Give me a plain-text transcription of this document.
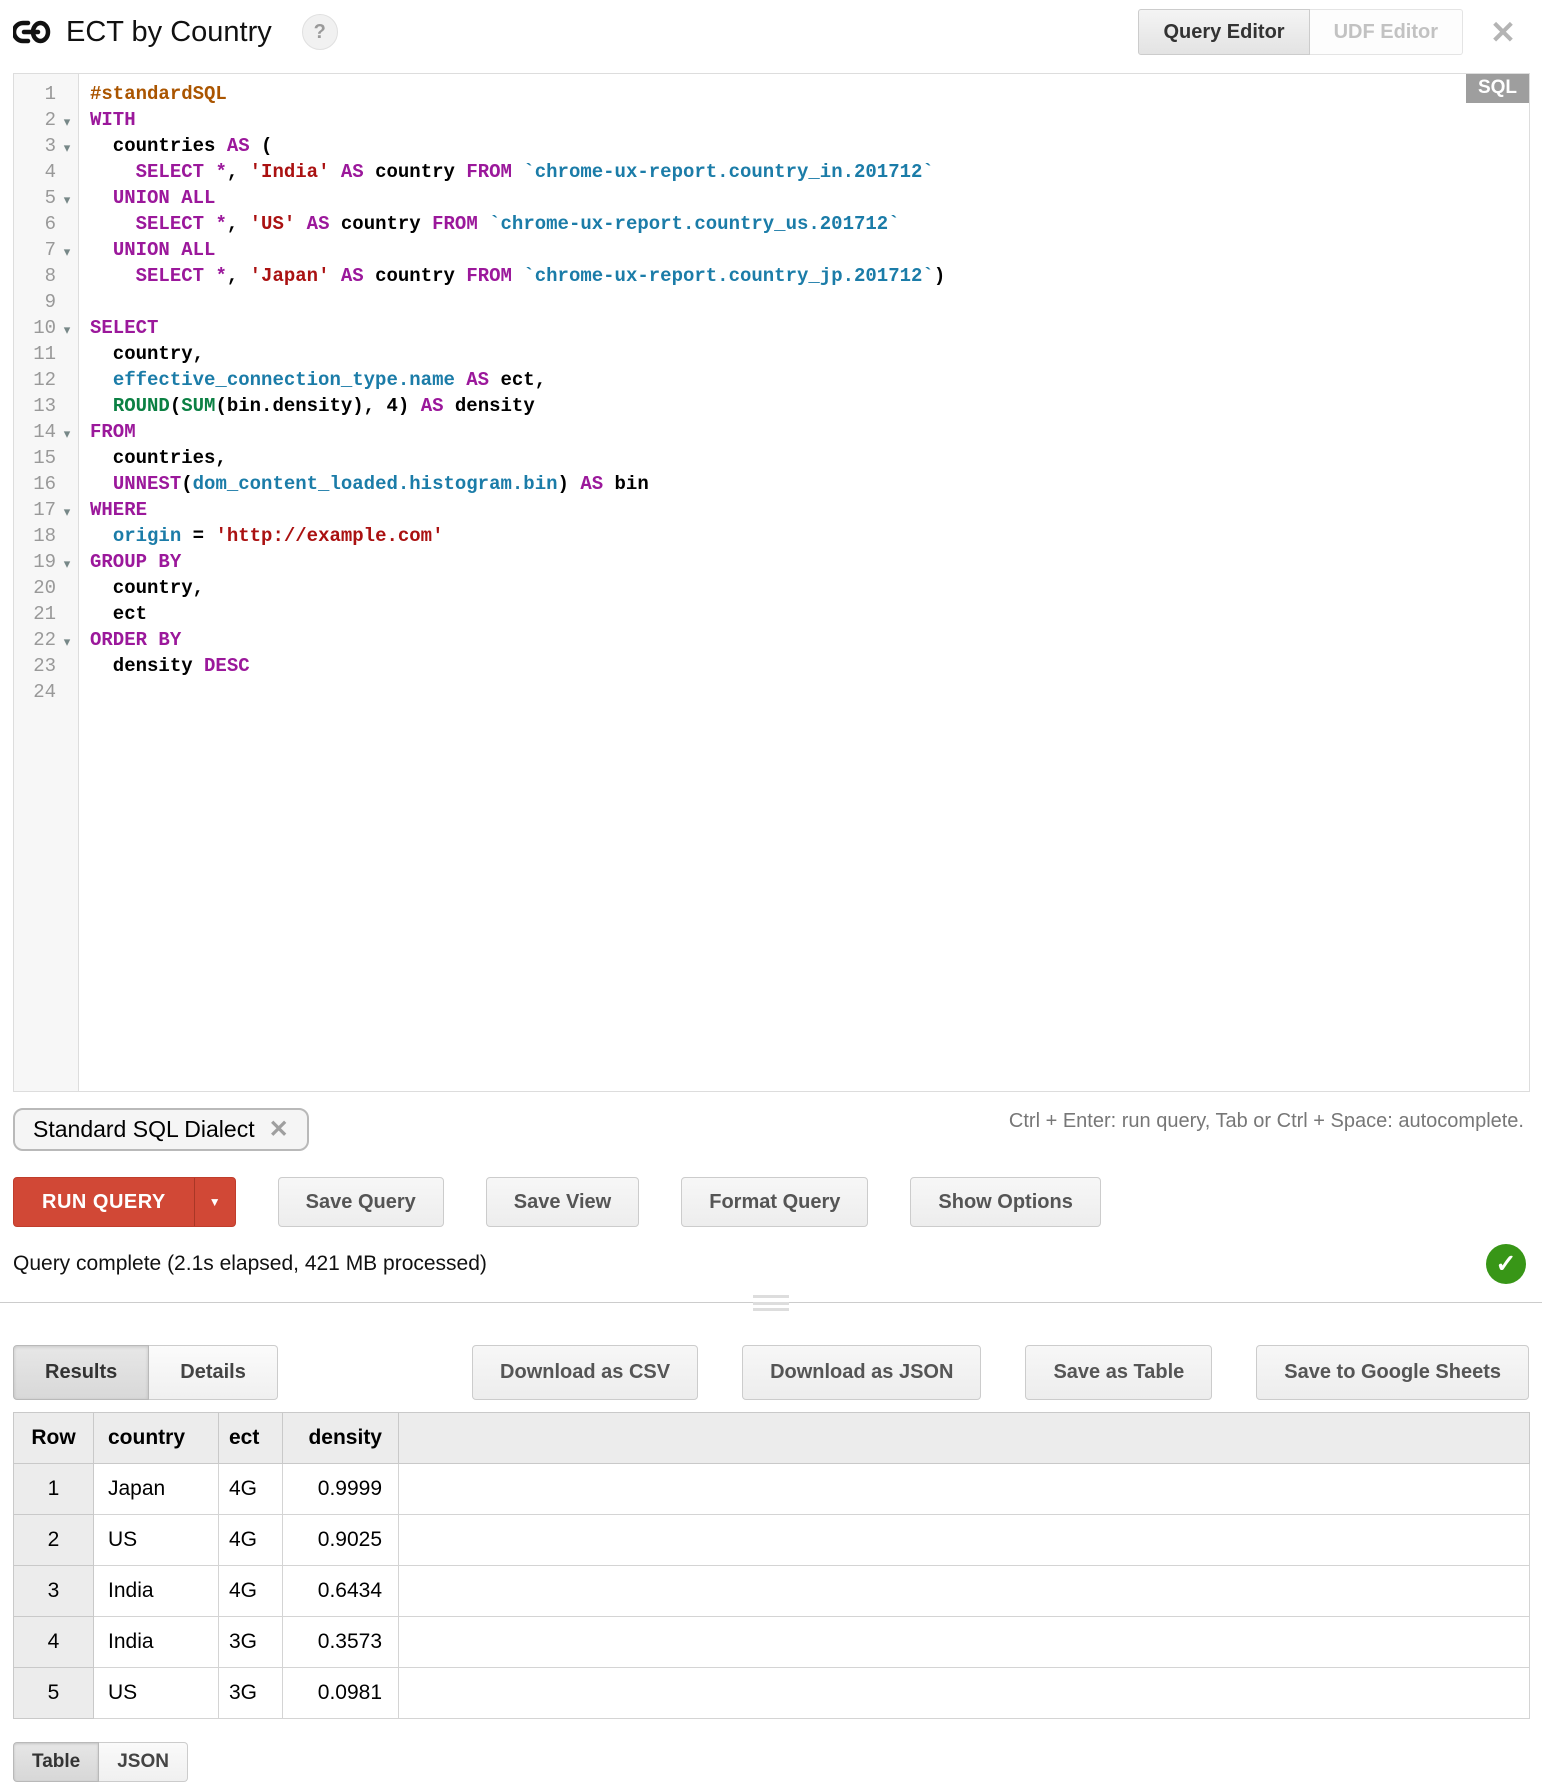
ECT by Country	?	Query Editor	UDF Editor	✕
SQL
1	#standardSQL
2 ▾	WITH
3 ▾	countries AS (
4	SELECT *, 'India' AS country FROM `chrome-ux-report.country_in.201712`
5 ▾	UNION ALL
6	SELECT *, 'US' AS country FROM `chrome-ux-report.country_us.201712`
7 ▾	UNION ALL
8	SELECT *, 'Japan' AS country FROM `chrome-ux-report.country_jp.201712`)
9
10 ▾	SELECT
11	country,
12	effective_connection_type.name AS ect,
13	ROUND(SUM(bin.density), 4) AS density
14 ▾	FROM
15	countries,
16	UNNEST(dom_content_loaded.histogram.bin) AS bin
17 ▾	WHERE
18	origin = 'http://example.com'
19 ▾	GROUP BY
20	country,
21	ect
22 ▾	ORDER BY
23	density DESC
24
Standard SQL Dialect ✕	Ctrl + Enter: run query, Tab or Ctrl + Space: autocomplete.
RUN QUERY	▼	Save Query	Save View	Format Query	Show Options
Query complete (2.1s elapsed, 421 MB processed)	✓
Results	Details	Download as CSV	Download as JSON	Save as Table	Save to Google Sheets
Row	country	ect	density	
1	Japan	4G	0.9999	
2	US	4G	0.9025	
3	India	4G	0.6434	
4	India	3G	0.3573	
5	US	3G	0.0981	
Table	JSON
